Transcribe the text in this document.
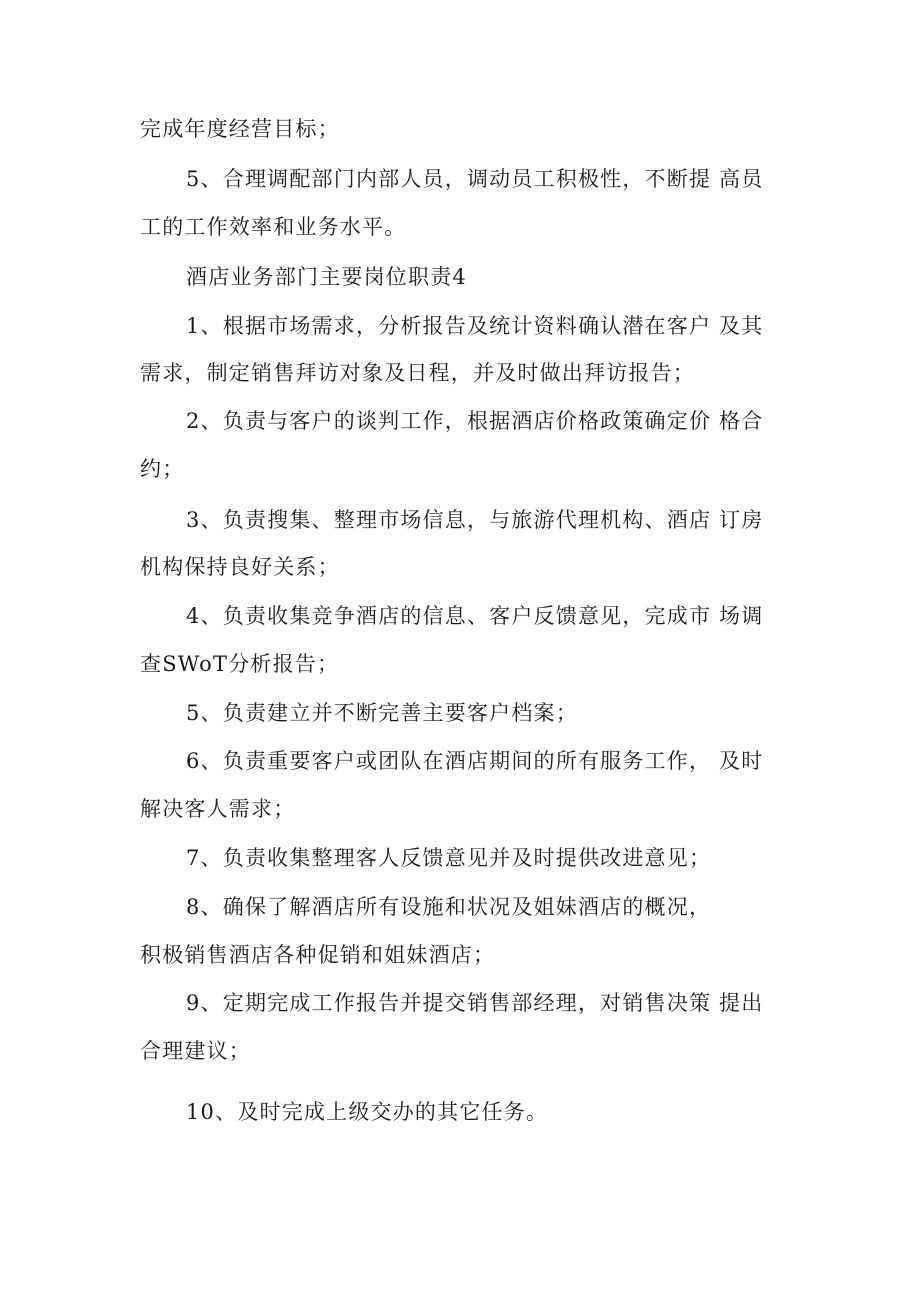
完成年度经营目标；
5、合理调配部门内部人员，调动员工积极性，不断提 高员
工的工作效率和业务水平。
酒店业务部门主要岗位职责4
1、根据市场需求，分析报告及统计资料确认潜在客户 及其
需求，制定销售拜访对象及日程，并及时做出拜访报告；
2、负责与客户的谈判工作，根据酒店价格政策确定价 格合
约；
3、负责搜集、整理市场信息，与旅游代理机构、酒店 订房
机构保持良好关系；
4、负责收集竞争酒店的信息、客户反馈意见，完成市 场调
查SWoT分析报告；
5、负责建立并不断完善主要客户档案；
6、负责重要客户或团队在酒店期间的所有服务工作， 及时
解决客人需求；
7、负责收集整理客人反馈意见并及时提供改进意见；
8、确保了解酒店所有设施和状况及姐妹酒店的概况，
积极销售酒店各种促销和姐妹酒店；
9、定期完成工作报告并提交销售部经理，对销售决策 提出
合理建议；
10、及时完成上级交办的其它任务。
